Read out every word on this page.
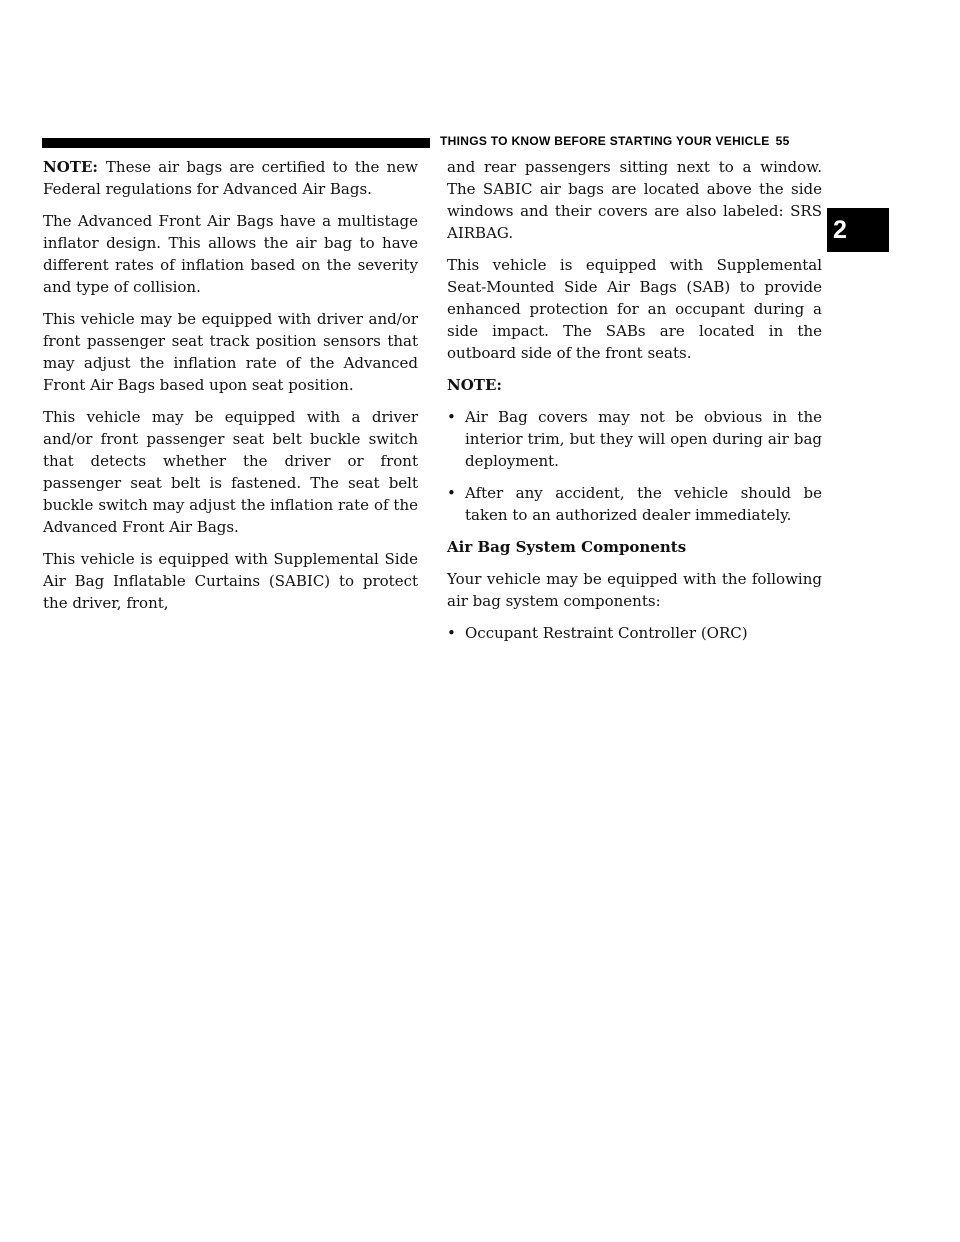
THINGS TO KNOW BEFORE STARTING YOUR VEHICLE 55
2

NOTE: These air bags are certified to the new Federal regulations for Advanced Air Bags.

The Advanced Front Air Bags have a multistage inflator design. This allows the air bag to have different rates of inflation based on the severity and type of collision.

This vehicle may be equipped with driver and/or front passenger seat track position sensors that may adjust the inflation rate of the Advanced Front Air Bags based upon seat position.

This vehicle may be equipped with a driver and/or front passenger seat belt buckle switch that detects whether the driver or front passenger seat belt is fastened. The seat belt buckle switch may adjust the inflation rate of the Advanced Front Air Bags.

This vehicle is equipped with Supplemental Side Air Bag Inflatable Curtains (SABIC) to protect the driver, front,

and rear passengers sitting next to a window. The SABIC air bags are located above the side windows and their covers are also labeled: SRS AIRBAG.

This vehicle is equipped with Supplemental Seat-Mounted Side Air Bags (SAB) to provide enhanced protection for an occupant during a side impact. The SABs are located in the outboard side of the front seats.

NOTE:

• Air Bag covers may not be obvious in the interior trim, but they will open during air bag deployment.
• After any accident, the vehicle should be taken to an authorized dealer immediately.

Air Bag System Components

Your vehicle may be equipped with the following air bag system components:

• Occupant Restraint Controller (ORC)
